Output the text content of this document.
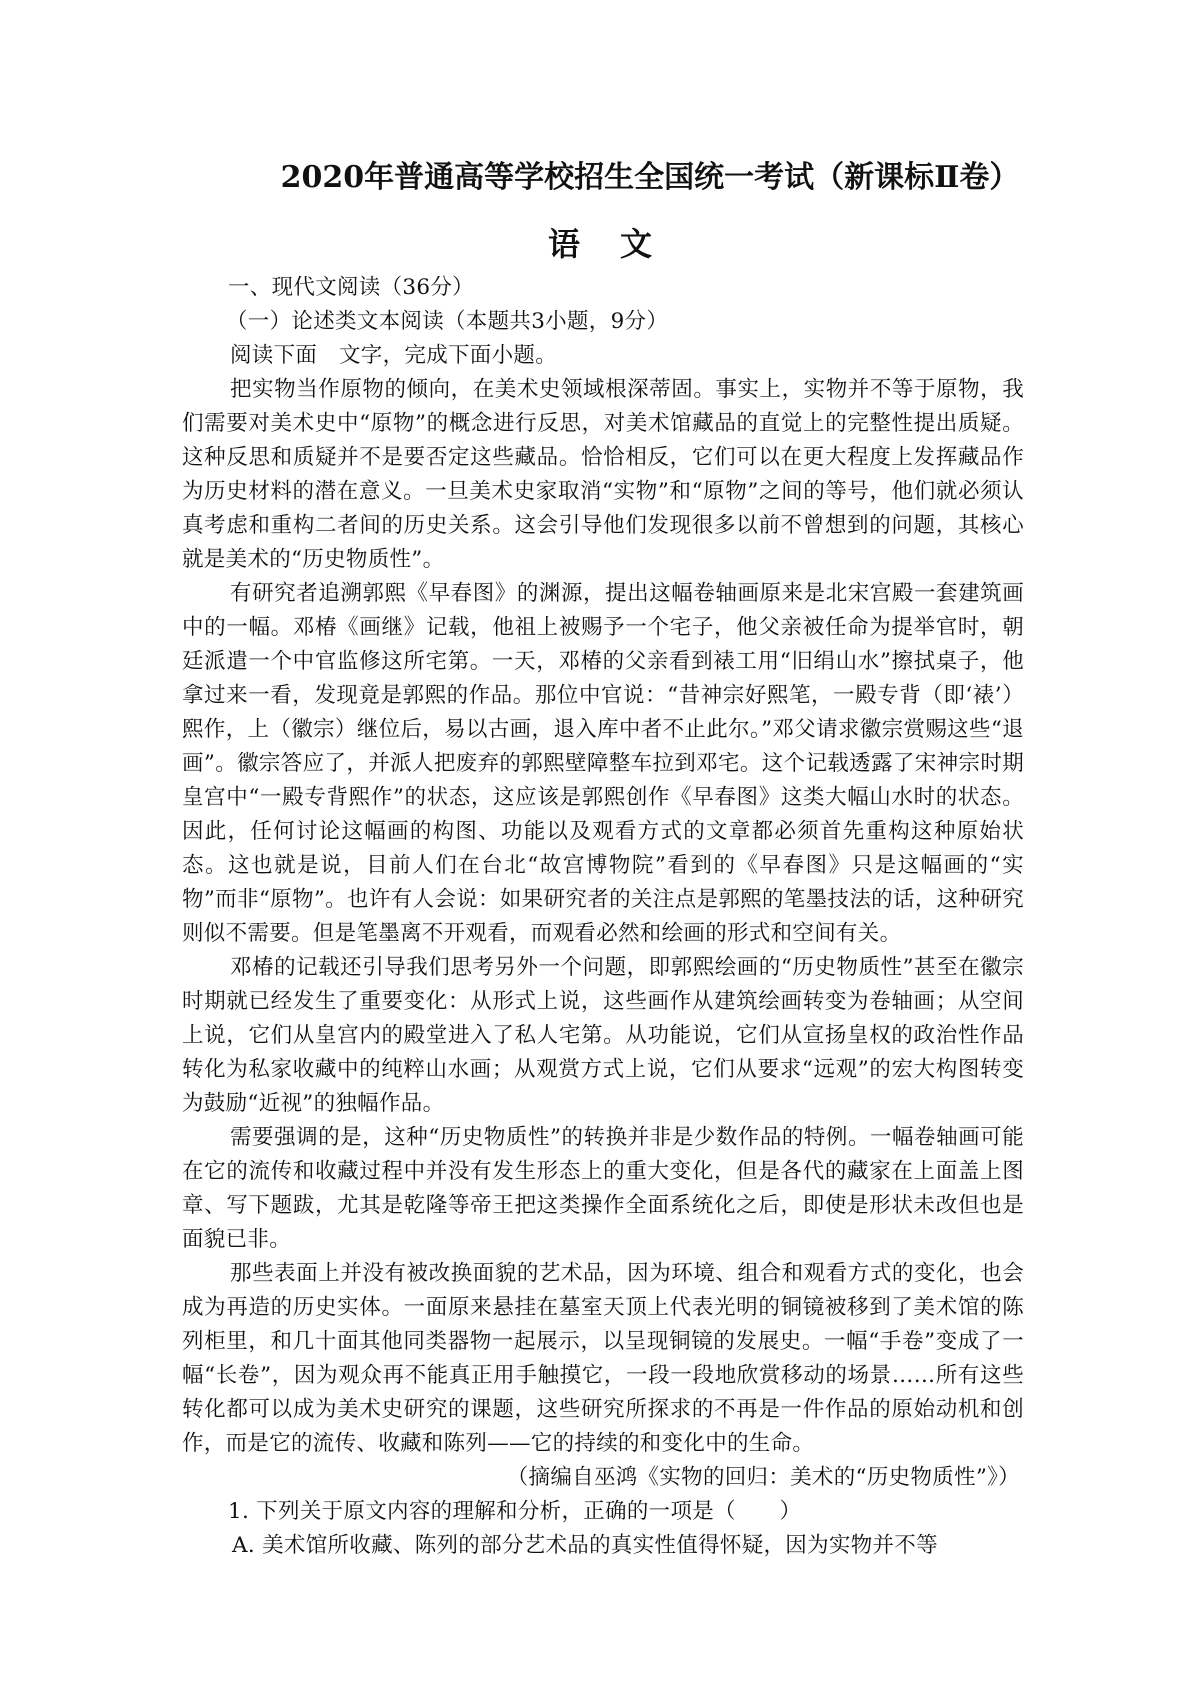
2020年普通高等学校招生全国统一考试（新课标Ⅱ卷）
语文

一、现代文阅读（36分）

（一）论述类文本阅读（本题共3小题，9分）

阅读下面　文字，完成下面小题。

把实物当作原物的倾向，在美术史领域根深蒂固。事实上，实物并不等于原物，我们需要对美术史中“原物”的概念进行反思，对美术馆藏品的直觉上的完整性提出质疑。这种反思和质疑并不是要否定这些藏品。恰恰相反，它们可以在更大程度上发挥藏品作为历史材料的潜在意义。一旦美术史家取消“实物”和“原物”之间的等号，他们就必须认真考虑和重构二者间的历史关系。这会引导他们发现很多以前不曾想到的问题，其核心就是美术的“历史物质性”。

有研究者追溯郭熙《早春图》的渊源，提出这幅卷轴画原来是北宋宫殿一套建筑画中的一幅。邓椿《画继》记载，他祖上被赐予一个宅子，他父亲被任命为提举官时，朝廷派遣一个中官监修这所宅第。一天，邓椿的父亲看到裱工用“旧绢山水”擦拭桌子，他拿过来一看，发现竟是郭熙的作品。那位中官说：“昔神宗好熙笔，一殿专背（即‘裱’）熙作，上（徽宗）继位后，易以古画，退入库中者不止此尔。”邓父请求徽宗赏赐这些“退画”。徽宗答应了，并派人把废弃的郭熙壁障整车拉到邓宅。这个记载透露了宋神宗时期皇宫中“一殿专背熙作”的状态，这应该是郭熙创作《早春图》这类大幅山水时的状态。因此，任何讨论这幅画的构图、功能以及观看方式的文章都必须首先重构这种原始状态。这也就是说，目前人们在台北“故宫博物院”看到的《早春图》只是这幅画的“实物”而非“原物”。也许有人会说：如果研究者的关注点是郭熙的笔墨技法的话，这种研究则似不需要。但是笔墨离不开观看，而观看必然和绘画的形式和空间有关。

邓椿的记载还引导我们思考另外一个问题，即郭熙绘画的“历史物质性”甚至在徽宗时期就已经发生了重要变化：从形式上说，这些画作从建筑绘画转变为卷轴画；从空间上说，它们从皇宫内的殿堂进入了私人宅第。从功能说，它们从宣扬皇权的政治性作品转化为私家收藏中的纯粹山水画；从观赏方式上说，它们从要求“远观”的宏大构图转变为鼓励“近视”的独幅作品。

需要强调的是，这种“历史物质性”的转换并非是少数作品的特例。一幅卷轴画可能在它的流传和收藏过程中并没有发生形态上的重大变化，但是各代的藏家在上面盖上图章、写下题跋，尤其是乾隆等帝王把这类操作全面系统化之后，即使是形状未改但也是面貌已非。

那些表面上并没有被改换面貌的艺术品，因为环境、组合和观看方式的变化，也会成为再造的历史实体。一面原来悬挂在墓室天顶上代表光明的铜镜被移到了美术馆的陈列柜里，和几十面其他同类器物一起展示，以呈现铜镜的发展史。一幅“手卷”变成了一幅“长卷”，因为观众再不能真正用手触摸它，一段一段地欣赏移动的场景……所有这些转化都可以成为美术史研究的课题，这些研究所探求的不再是一件作品的原始动机和创作，而是它的流传、收藏和陈列——它的持续的和变化中的生命。

（摘编自巫鸿《实物的回归：美术的“历史物质性”》）

1. 下列关于原文内容的理解和分析，正确的一项是（　　）

A. 美术馆所收藏、陈列的部分艺术品的真实性值得怀疑，因为实物并不等
